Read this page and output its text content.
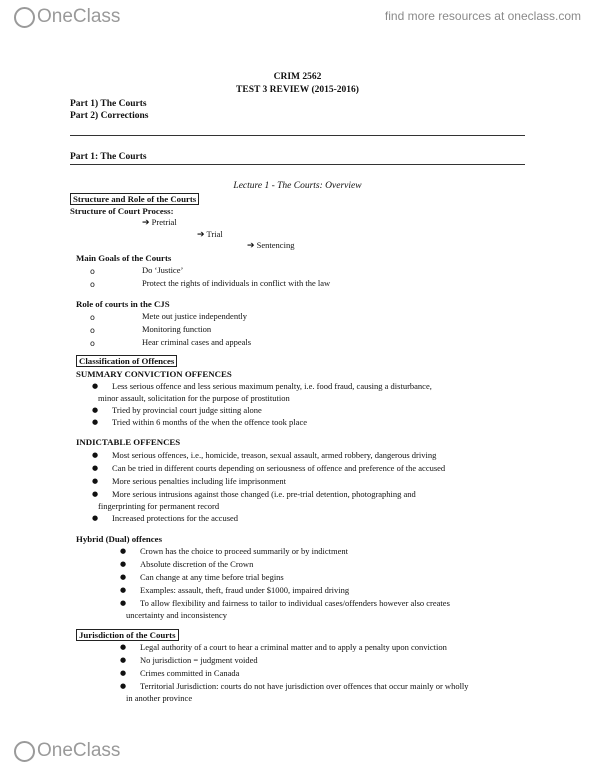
OneClass	find more resources at oneclass.com
CRIM 2562
TEST 3 REVIEW (2015-2016)
Part 1) The Courts
Part 2) Corrections
Part 1: The Courts
Lecture 1 - The Courts: Overview
Structure and Role of the Courts
Structure of Court Process:
➔ Pretrial
➔ Trial
➔ Sentencing
Main Goals of the Courts
o	Do ‘Justice’
o	Protect the rights of individuals in conflict with the law
Role of courts in the CJS
o	Mete out justice independently
o	Monitoring function
o	Hear criminal cases and appeals
Classification of Offences
SUMMARY CONVICTION OFFENCES
● Less serious offence and less serious maximum penalty, i.e. food fraud, causing a disturbance,
minor assault, solicitation for the purpose of prostitution
● Tried by provincial court judge sitting alone
● Tried within 6 months of the when the offence took place
INDICTABLE OFFENCES
● Most serious offences, i.e., homicide, treason, sexual assault, armed robbery, dangerous driving
● Can be tried in different courts depending on seriousness of offence and preference of the accused
● More serious penalties including life imprisonment
● More serious intrusions against those changed (i.e. pre-trial detention, photographing and
fingerprinting for permanent record
● Increased protections for the accused
Hybrid (Dual) offences
● Crown has the choice to proceed summarily or by indictment
● Absolute discretion of the Crown
● Can change at any time before trial begins
● Examples: assault, theft, fraud under $1000, impaired driving
● To allow flexibility and fairness to tailor to individual cases/offenders however also creates
uncertainty and inconsistency
Jurisdiction of the Courts
● Legal authority of a court to hear a criminal matter and to apply a penalty upon conviction
● No jurisdiction = judgment voided
● Crimes committed in Canada
● Territorial Jurisdiction: courts do not have jurisdiction over offences that occur mainly or wholly
in another province
OneClass
